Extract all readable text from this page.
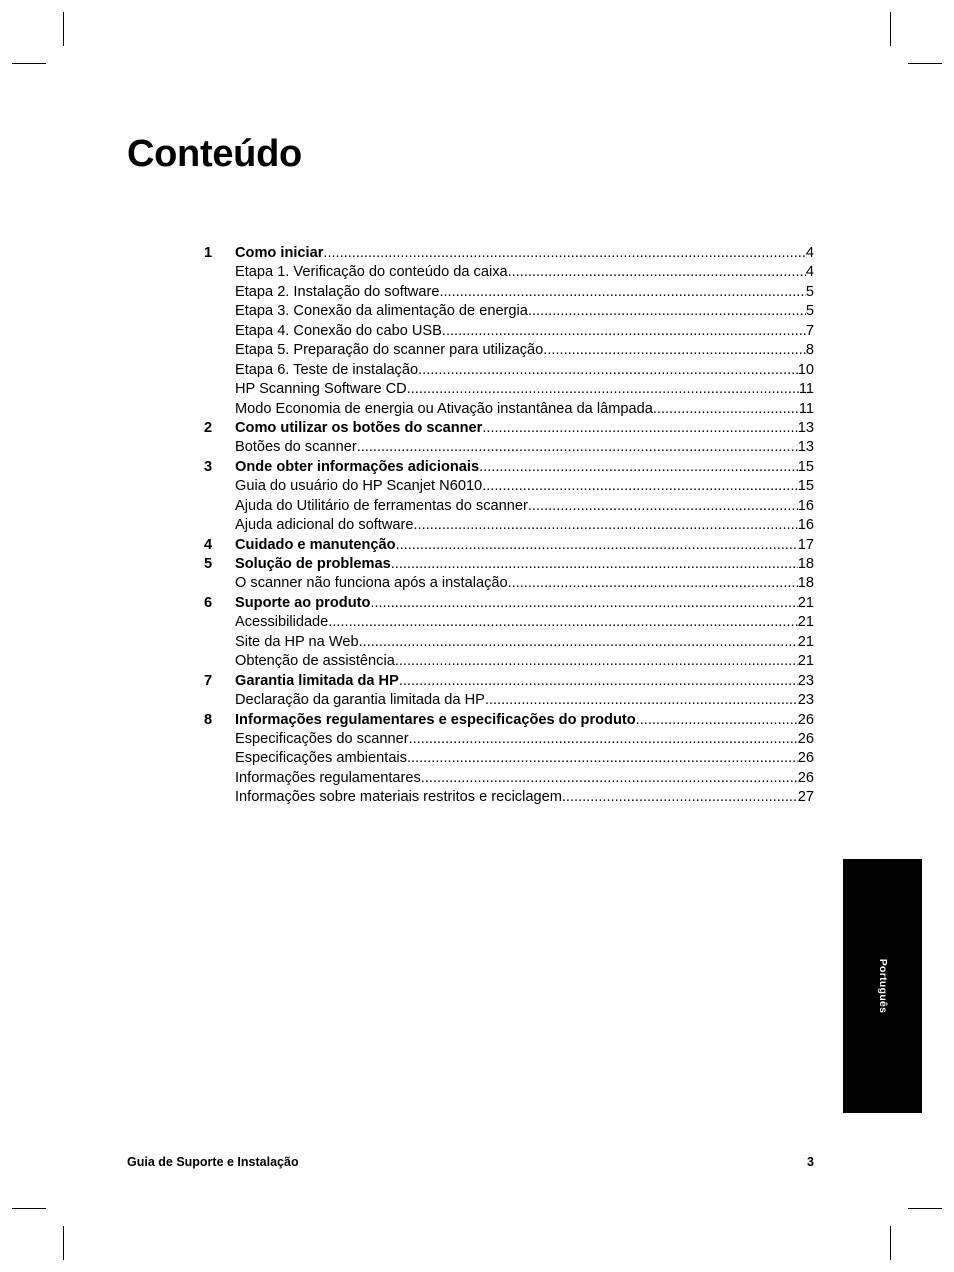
Conteúdo
1 Como iniciar .....	4
Etapa 1. Verificação do conteúdo da caixa .....	4
Etapa 2. Instalação do software .....	5
Etapa 3. Conexão da alimentação de energia .....	5
Etapa 4. Conexão do cabo USB .....	7
Etapa 5. Preparação do scanner para utilização .....	8
Etapa 6. Teste de instalação .....	10
HP Scanning Software CD .....	11
Modo Economia de energia ou Ativação instantânea da lâmpada .....	11
2 Como utilizar os botões do scanner .....	13
Botões do scanner .....	13
3 Onde obter informações adicionais .....	15
Guia do usuário do HP Scanjet N6010 .....	15
Ajuda do Utilitário de ferramentas do scanner .....	16
Ajuda adicional do software .....	16
4 Cuidado e manutenção .....	17
5 Solução de problemas .....	18
O scanner não funciona após a instalação .....	18
6 Suporte ao produto .....	21
Acessibilidade .....	21
Site da HP na Web .....	21
Obtenção de assistência .....	21
7 Garantia limitada da HP .....	23
Declaração da garantia limitada da HP .....	23
8 Informações regulamentares e especificações do produto .....	26
Especificações do scanner .....	26
Especificações ambientais .....	26
Informações regulamentares .....	26
Informações sobre materiais restritos e reciclagem .....	27
Português
Guia de Suporte e Instalação	3
